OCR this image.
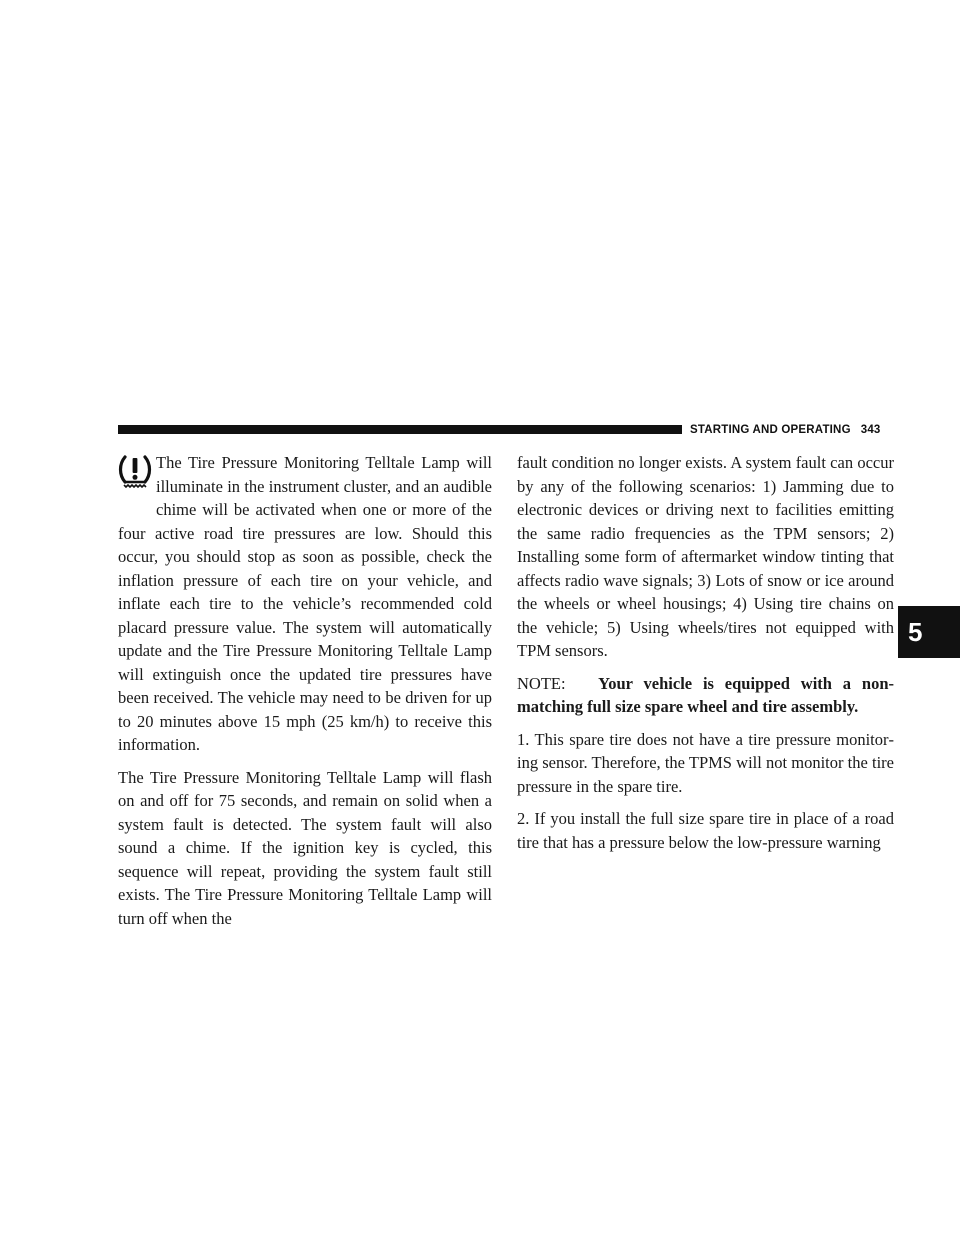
STARTING AND OPERATING 343
5

The Tire Pressure Monitoring Telltale Lamp will illuminate in the instrument cluster, and an audible chime will be activated when one or more of the four active road tire pressures are low. Should this occur, you should stop as soon as possible, check the inflation pressure of each tire on your vehicle, and inflate each tire to the vehicle’s recommended cold placard pressure value. The system will automatically update and the Tire Pressure Monitoring Telltale Lamp will extinguish once the updated tire pressures have been received. The vehicle may need to be driven for up to 20 minutes above 15 mph (25 km/h) to receive this information.

The Tire Pressure Monitoring Telltale Lamp will flash on and off for 75 seconds, and remain on solid when a system fault is detected. The system fault will also sound a chime. If the ignition key is cycled, this sequence will repeat, providing the system fault still exists. The Tire Pressure Monitoring Telltale Lamp will turn off when the

fault condition no longer exists. A system fault can occur by any of the following scenarios: 1) Jamming due to electronic devices or driving next to facilities emitting the same radio frequencies as the TPM sensors; 2) Installing some form of aftermarket window tinting that affects radio wave signals; 3) Lots of snow or ice around the wheels or wheel housings; 4) Using tire chains on the vehicle; 5) Using wheels/tires not equipped with TPM sensors.

NOTE: Your vehicle is equipped with a non-matching full size spare wheel and tire assembly.

1. This spare tire does not have a tire pressure monitoring sensor. Therefore, the TPMS will not monitor the tire pressure in the spare tire.

2. If you install the full size spare tire in place of a road tire that has a pressure below the low-pressure warning
